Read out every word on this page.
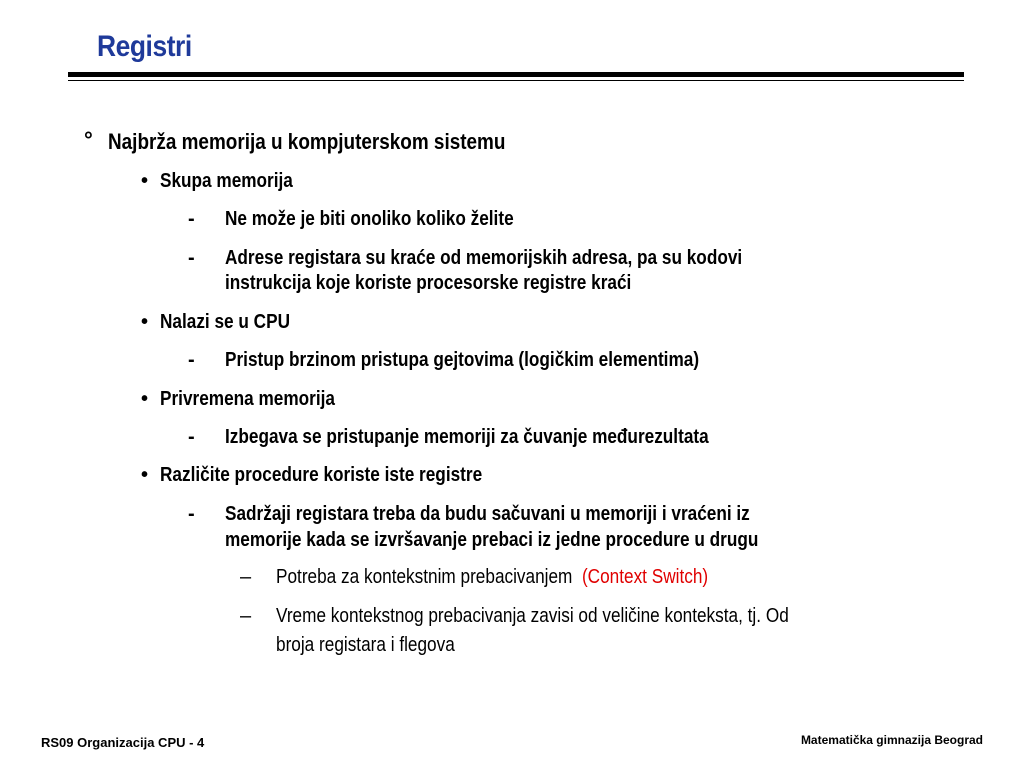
Registri
° Najbrža memorija u kompjuterskom sistemu
• Skupa memorija
- Ne može je biti onoliko koliko želite
- Adrese registara su kraće od memorijskih adresa, pa su kodovi
instrukcija koje koriste procesorske registre kraći
• Nalazi se u CPU
- Pristup brzinom pristupa gejtovima (logičkim elementima)
• Privremena memorija
- Izbegava se pristupanje memoriji za čuvanje međurezultata
• Različite procedure koriste iste registre
- Sadržaji registara treba da budu sačuvani u memoriji i vraćeni iz
memorije kada se izvršavanje prebaci iz jedne procedure u drugu
– Potreba za kontekstnim prebacivanjem (Context Switch)
– Vreme kontekstnog prebacivanja zavisi od veličine konteksta, tj. Od
broja registara i flegova
RS09 Organizacija CPU - 4	Matematička gimnazija Beograd
